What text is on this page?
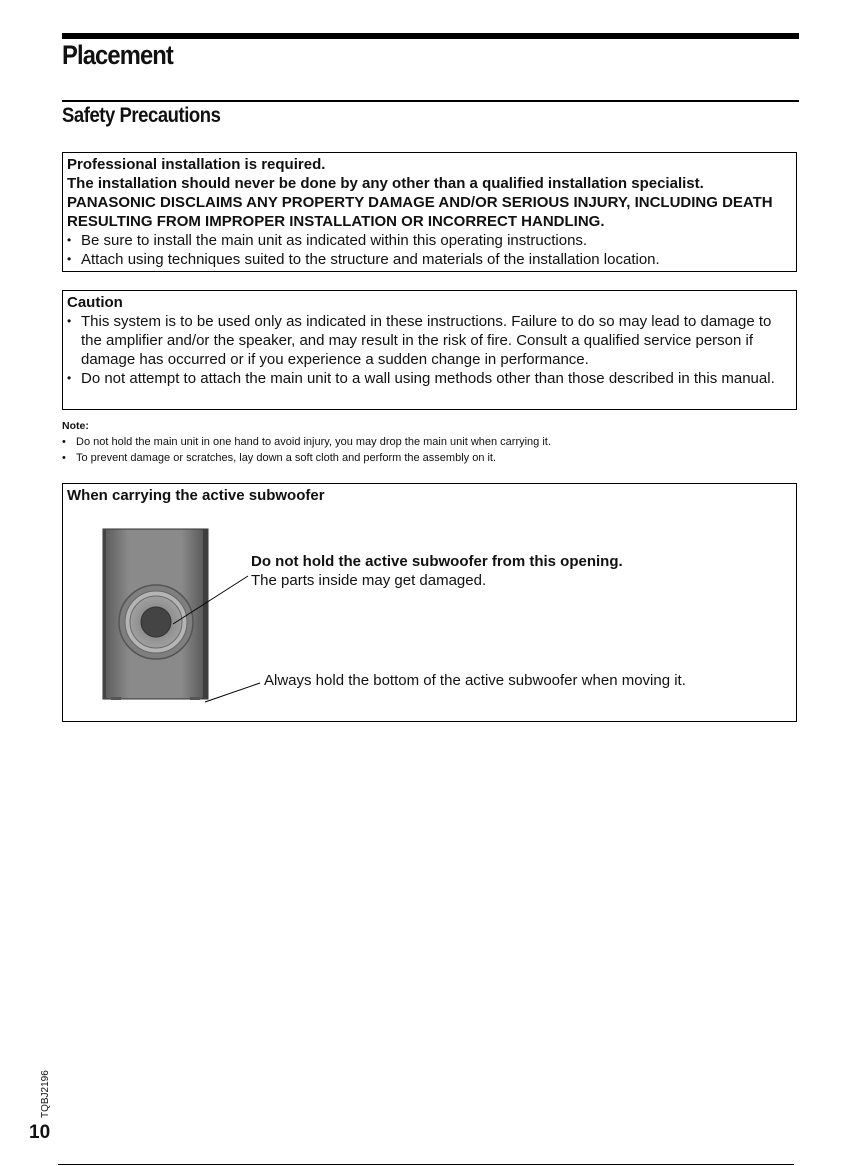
Placement
Safety Precautions
Professional installation is required.
The installation should never be done by any other than a qualified installation specialist.
PANASONIC DISCLAIMS ANY PROPERTY DAMAGE AND/OR SERIOUS INJURY, INCLUDING DEATH RESULTING FROM IMPROPER INSTALLATION OR INCORRECT HANDLING.
• Be sure to install the main unit as indicated within this operating instructions.
• Attach using techniques suited to the structure and materials of the installation location.
Caution
• This system is to be used only as indicated in these instructions. Failure to do so may lead to damage to the amplifier and/or the speaker, and may result in the risk of fire. Consult a qualified service person if damage has occurred or if you experience a sudden change in performance.
• Do not attempt to attach the main unit to a wall using methods other than those described in this manual.
Note:
• Do not hold the main unit in one hand to avoid injury, you may drop the main unit when carrying it.
• To prevent damage or scratches, lay down a soft cloth and perform the assembly on it.
When carrying the active subwoofer
Do not hold the active subwoofer from this opening.
The parts inside may get damaged.
Always hold the bottom of the active subwoofer when moving it.
TQBJ2196
10
